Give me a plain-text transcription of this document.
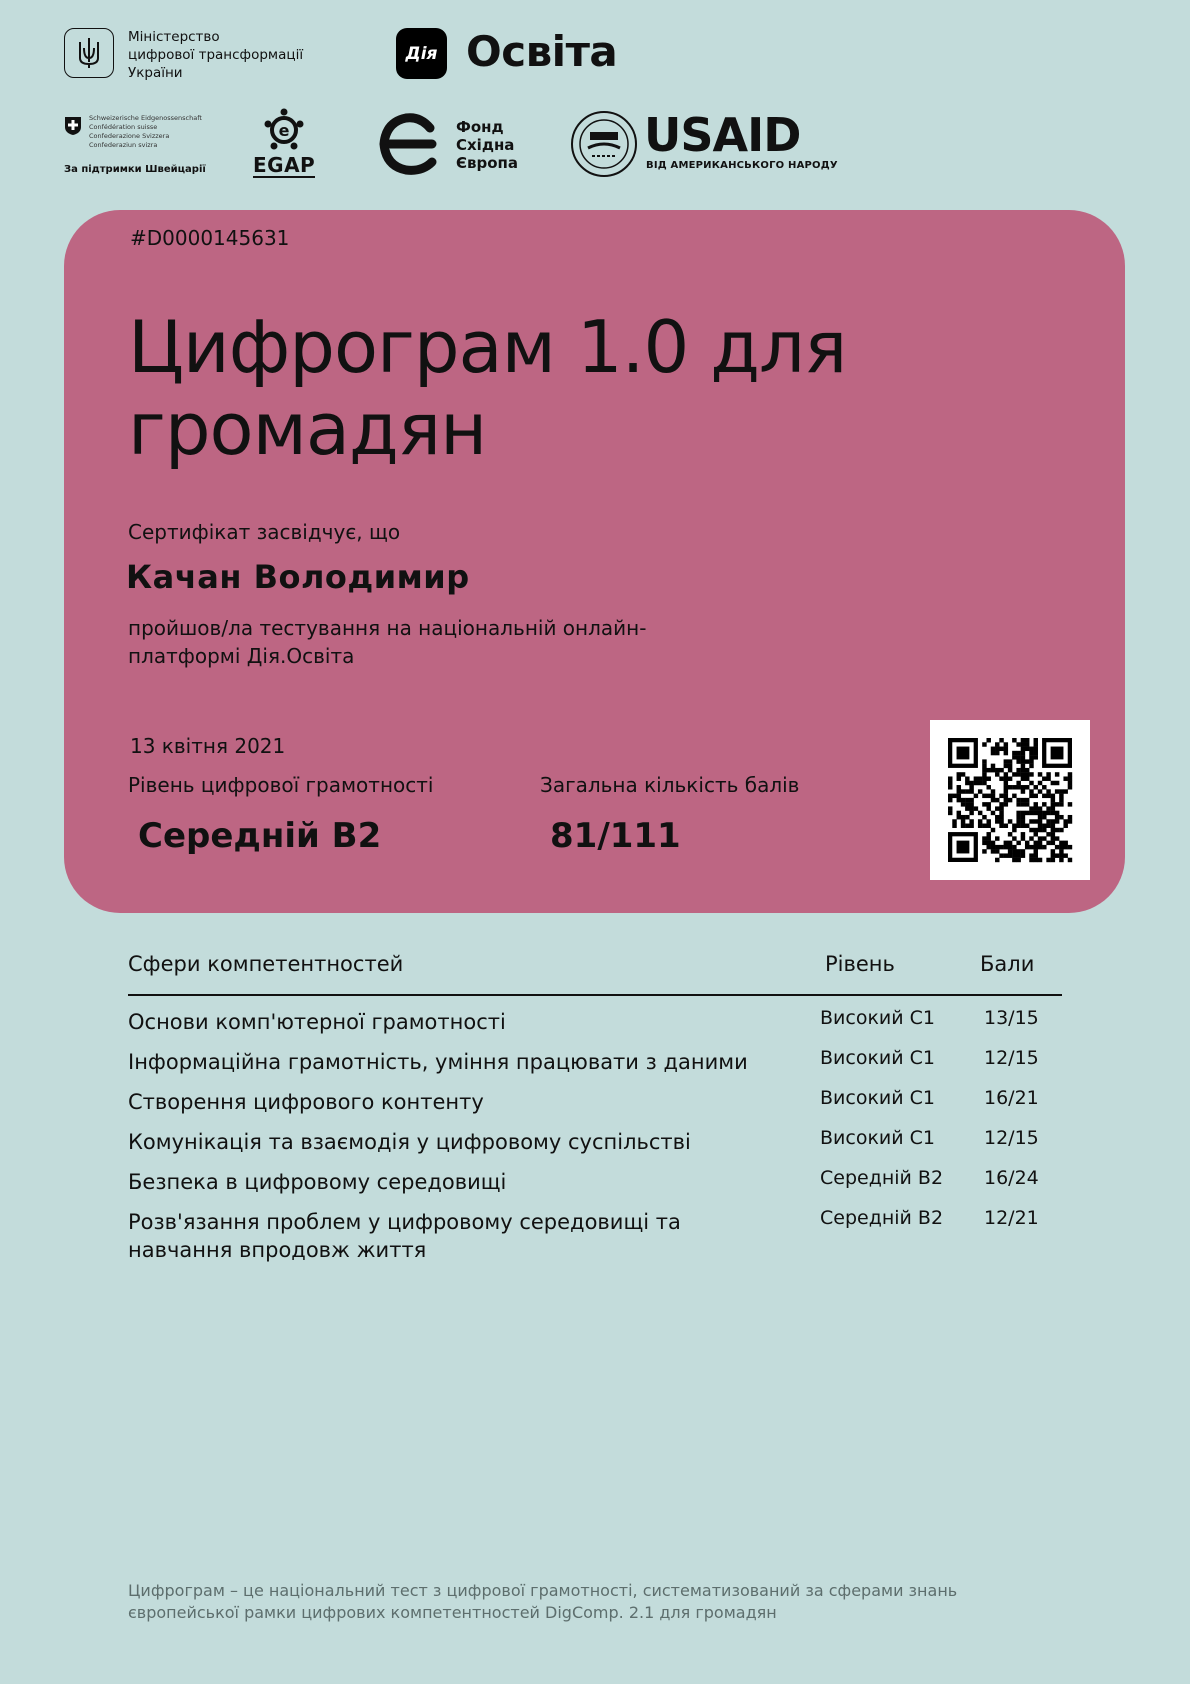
Міністерство
цифрової трансформації
України
Дія Освіта
Schweizerische Eidgenossenschaft
Confédération suisse
Confederazione Svizzera
Confederaziun svizra
За підтримки Швейцарії
e
EGAP
Фонд
Східна
Європа
USAID
ВІД АМЕРИКАНСЬКОГО НАРОДУ
#D0000145631
Цифрограм 1.0 для громадян
Сертифікат засвідчує, що
Качан Володимир
пройшов/ла тестування на національній онлайн-платформі Дія.Освіта
13 квітня 2021
Рівень цифрової грамотності	Загальна кількість балів
Середній B2	81/111
Сфери компетентностей	Рівень	Бали
Основи комп'ютерної грамотності	Високий C1	13/15
Інформаційна грамотність, уміння працювати з даними	Високий C1	12/15
Створення цифрового контенту	Високий C1	16/21
Комунікація та взаємодія у цифровому суспільстві	Високий C1	12/15
Безпека в цифровому середовищі	Середній B2 16/24
Розв'язання проблем у цифровому середовищі та навчання впродовж життя
Середній B2 12/21
Цифрограм – це національний тест з цифрової грамотності, систематизований за сферами знань європейської рамки цифрових компетентностей DigComp. 2.1 для громадян
